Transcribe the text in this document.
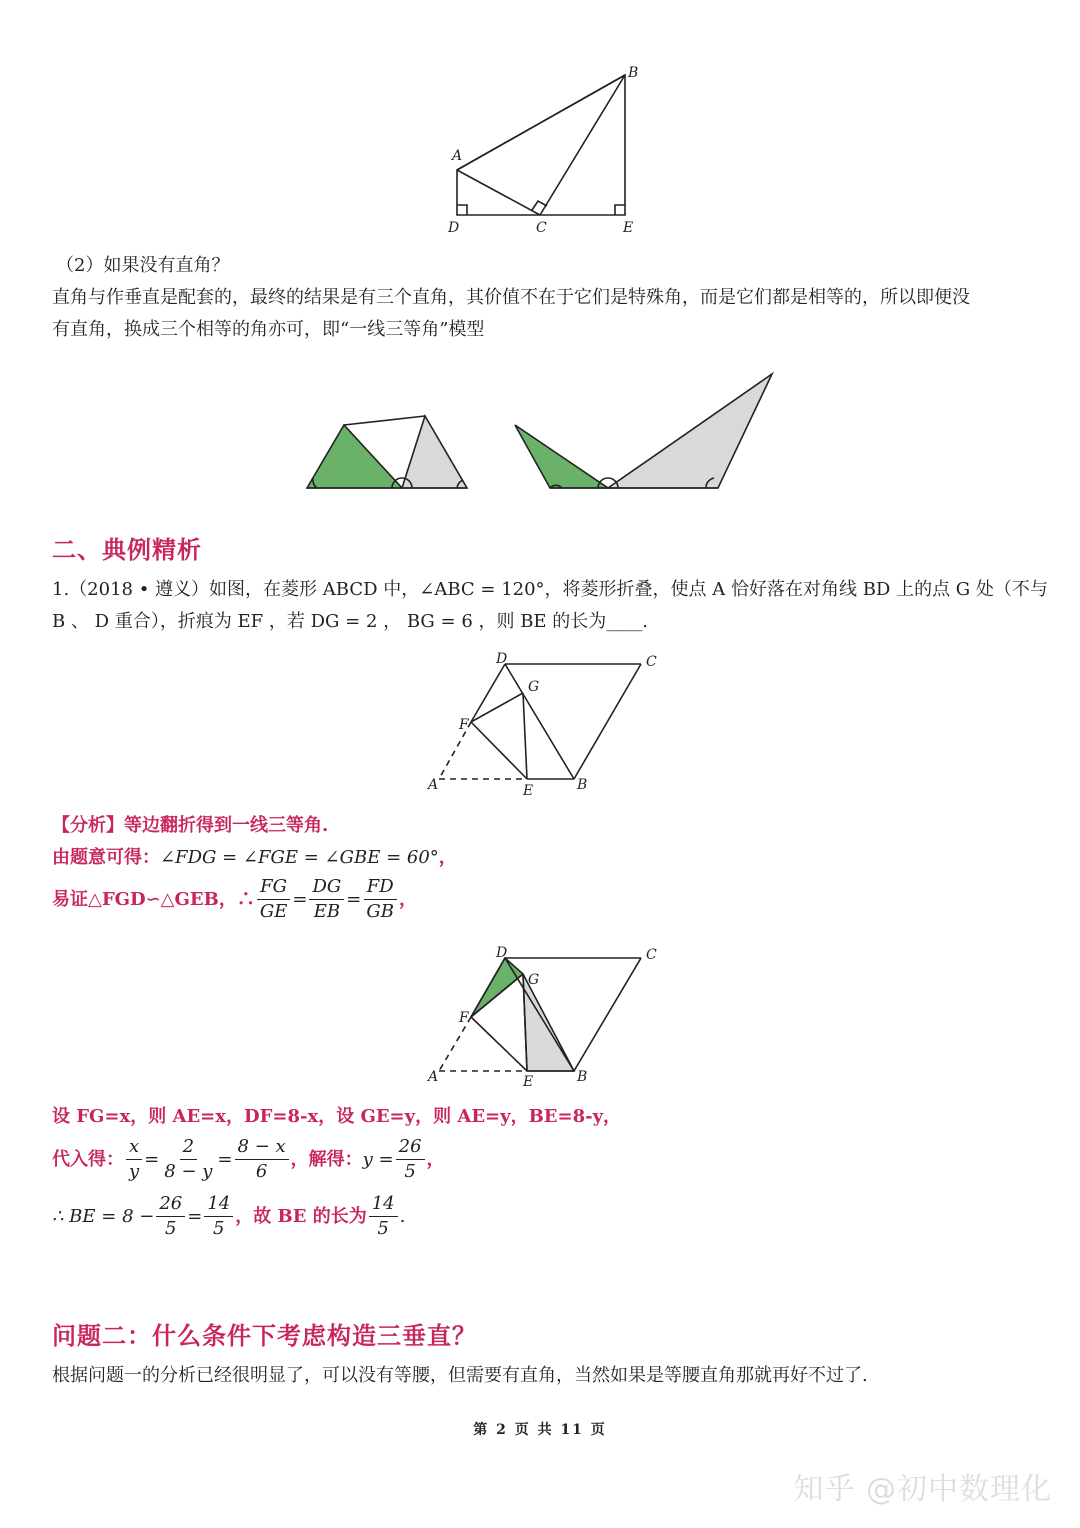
A
B
C
D	E
（2）如果没有直角？
直角与作垂直是配套的，最终的结果是有三个直角，其价值不在于它们是特殊角，而是它们都是相等的，所以即便没
有直角，换成三个相等的角亦可，即“一线三等角”模型
二、典例精析
1.（2018 • 遵义）如图，在菱形 ABCD 中，∠ABC = 120°，将菱形折叠，使点 A 恰好落在对角线 BD 上的点 G 处（不与
B 、 D 重合），折痕为 EF ，若 DG = 2 ， BG = 6 ，则 BE 的长为____.
D	C
G
F
A	E	B
【分析】等边翻折得到一线三等角.
由题意可得：∠FDG = ∠FGE = ∠GBE = 60°，
易证△FGD∽△GEB，∴ $\frac{FG}{GE} = \frac{DG}{EB} = \frac{FD}{GB}$ ，
D	C
G
F
A	E	B
设 FG=x，则 AE=x，DF=8-x，设 GE=y，则 AE=y，BE=8-y，
代入得： $\frac{x}{y} = \frac{2}{8 - y} = \frac{8 - x}{6}$ ，解得： $y = \frac{26}{5}$ ，
∴ BE = $8 - \frac{26}{5} = \frac{14}{5}$ ，故 BE 的长为 $\frac{14}{5}$ .
问题二：什么条件下考虑构造三垂直？
根据问题一的分析已经很明显了，可以没有等腰，但需要有直角，当然如果是等腰直角那就再好不过了.
第 2 页 共 11 页
知乎 @初中数理化
